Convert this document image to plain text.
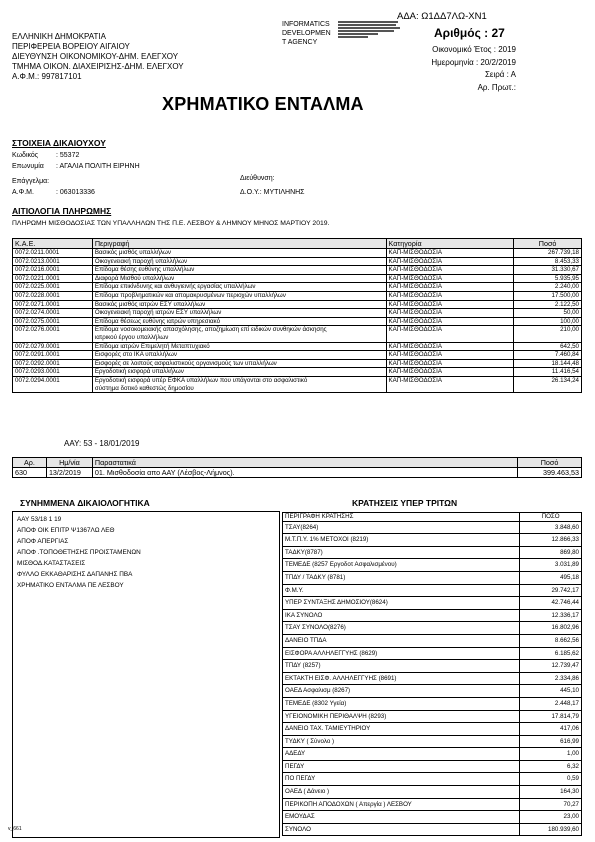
ΕΛΛΗΝΙΚΗ ΔΗΜΟΚΡΑΤΙΑ
ΠΕΡΙΦΕΡΕΙΑ ΒΟΡΕΙΟΥ ΑΙΓΑΙΟΥ
ΔΙΕΥΘΥΝΣΗ ΟΙΚΟΝΟΜΙΚΟΥ-ΔΗΜ. ΕΛΕΓΧΟΥ
ΤΜΗΜΑ ΟΙΚΟΝ. ΔΙΑΧΕΙΡΙΣΗΣ-ΔΗΜ. ΕΛΕΓΧΟΥ
Α.Φ.Μ.: 997817101
INFORMATICS
DEVELOPMEN
T AGENCY
ΑΔΑ: Ω1ΔΔ7ΛΩ-ΧΝ1
Αριθμός : 27
Οικονομικό Έτος : 2019
Ημερομηνία : 20/2/2019
Σειρά : Α
Αρ. Πρωτ.:
ΧΡΗΜΑΤΙΚΟ ΕΝΤΑΛΜΑ
ΣΤΟΙΧΕΙΑ ΔΙΚΑΙΟΥΧΟΥ
Κωδικός	: 55372
Επωνυμία : ΑΓΑΛΙΑ ΠΟΛΙΤΗ ΕΙΡΗΝΗ
Επάγγελμα:	Διεύθυνση:
Α.Φ.Μ.	: 063013336	Δ.Ο.Υ.: ΜΥΤΙΛΗΝΗΣ
ΑΙΤΙΟΛΟΓΙΑ ΠΛΗΡΩΜΗΣ
ΠΛΗΡΩΜΗ ΜΙΣΘΟΔΟΣΙΑΣ ΤΩΝ ΥΠΑΛΛΗΛΩΝ ΤΗΣ Π.Ε. ΛΕΣΒΟΥ & ΛΗΜΝΟΥ ΜΗΝΟΣ ΜΑΡΤΙΟΥ 2019.
Κ.Α.Ε.	Περιγραφή	Κατηγορία	Ποσό
0072.0211.0001	Βασικός μισθός υπαλλήλων	ΚΑΠ-ΜΙΣΘΟΔΟΣΙΑ	267.739,18
0072.0213.0001	Οικογενειακή παροχή υπαλλήλων	ΚΑΠ-ΜΙΣΘΟΔΟΣΙΑ	8.453,33
0072.0216.0001	Επίδομα θέσης ευθύνης υπαλλήλων	ΚΑΠ-ΜΙΣΘΟΔΟΣΙΑ	31.330,67
0072.0221.0001	Διαφορά Μισθού υπαλλήλων	ΚΑΠ-ΜΙΣΘΟΔΟΣΙΑ	5.935,95
0072.0225.0001	Επίδομα επικίνδυνης και ανθυγιεινής εργασίας υπαλλήλων	ΚΑΠ-ΜΙΣΘΟΔΟΣΙΑ	2.240,00
0072.0228.0001	Επίδομα προβληματικών και απομακρυσμένων περιοχών υπαλλήλων	ΚΑΠ-ΜΙΣΘΟΔΟΣΙΑ	17.500,00
0072.0271.0001	Βασικός μισθός ιατρών ΕΣΥ υπαλλήλων	ΚΑΠ-ΜΙΣΘΟΔΟΣΙΑ	2.122,50
0072.0274.0001	Οικογενειακή παροχή ιατρών ΕΣΥ υπαλλήλων	ΚΑΠ-ΜΙΣΘΟΔΟΣΙΑ	50,00
0072.0275.0001	Επίδομα θέσεως ευθύνης ιατρών υπηρεσιακό	ΚΑΠ-ΜΙΣΘΟΔΟΣΙΑ	100,00
0072.0276.0001	Επίδομα νοσοκομειακής απασχόλησης, αποζημίωση επί ειδικών συνθηκών άσκησης
ιατρικού έργου υπαλλήλων	ΚΑΠ-ΜΙΣΘΟΔΟΣΙΑ	210,00
0072.0279.0001	Επίδομα ιατρών Επιμελητή Μεταπτυχιακό	ΚΑΠ-ΜΙΣΘΟΔΟΣΙΑ	642,50
0072.0291.0001	Εισφορές στο ΙΚΑ υπαλλήλων	ΚΑΠ-ΜΙΣΘΟΔΟΣΙΑ	7.460,84
0072.0292.0001	Εισφορές σε λοιπούς ασφαλιστικούς οργανισμούς των υπαλλήλων	ΚΑΠ-ΜΙΣΘΟΔΟΣΙΑ	18.144,48
0072.0293.0001	Εργοδοτική εισφορά υπαλλήλων	ΚΑΠ-ΜΙΣΘΟΔΟΣΙΑ	11.416,54
0072.0294.0001	Εργοδοτική εισφορά υπέρ ΕΦΚΑ υπαλλήλων που υπάγονται στο ασφαλιστικό
σύστημα δοτικό καθεστώς δημοσίου	ΚΑΠ-ΜΙΣΘΟΔΟΣΙΑ	26.134,24
ΑΑΥ: 53 - 18/01/2019
Αρ.	Ημ/νία	Παραστατικά	Ποσό
630	13/2/2019	01. Μισθοδοσία απο ΑΑΥ (Λέσβος-Λήμνος).	399.463,53
ΣΥΝΗΜΜΕΝΑ ΔΙΚΑΙΟΛΟΓΗΤΙΚΑ
ΑΑΥ 53/18 1 19
ΑΠΟΦ ΟΙΚ ΕΠΙΤΡ Ψ1367ΛΩ ΛΕΘ
ΑΠΟΦ ΑΠΕΡΓΙΑΣ
ΑΠΟΦ .ΤΟΠΟΘΕΤΗΣΗΣ ΠΡΟΙΣΤΑΜΕΝΩΝ
ΜΙΣΘΟΔ.ΚΑΤΑΣΤΑΣΕΙΣ
ΦΥΛΛΟ ΕΚΚΑΘΑΡΙΣΗΣ ΔΑΠΑΝΗΣ ΠΒΑ
ΧΡΗΜΑΤΙΚΟ ΕΝΤΑΛΜΑ ΠΕ ΛΕΣΒΟΥ
ΚΡΑΤΗΣΕΙΣ ΥΠΕΡ ΤΡΙΤΩΝ
ΠΕΡΙΓΡΑΦΗ ΚΡΑΤΗΣΗΣ	ΠΟΣΟ
ΤΣΑΥ(8264)	3.848,60
Μ.Τ.Π.Υ. 1% ΜΕΤΟΧΟΙ (8219)	12.866,33
ΤΑΔΚΥ(8787)	869,80
ΤΕΜΕΔΕ (8257 Εργοδοτ Ασφαλισμένου)	3.031,89
ΤΠΔΥ / ΤΑΔΚΥ (8781)	495,18
Φ.Μ.Υ.	29.742,17
ΥΠΕΡ ΣΥΝΤΑΞΗΣ ΔΗΜΟΣΙΟΥ(8624)	42.746,44
ΙΚΑ ΣΥΝΟΛΟ	12.336,17
ΤΣΑΥ ΣΥΝΟΛΟ(8276)	16.802,96
ΔΑΝΕΙΟ ΤΠΔΑ	8.662,56
ΕΙΣΦΟΡΑ ΑΛΛΗΛΕΓΓΥΗΣ (8629)	6.185,62
ΤΠΔΥ (8257)	12.739,47
ΕΚΤΑΚΤΗ ΕΙΣΦ. ΑΛΛΗΛΕΓΓΥΗΣ (8691)	2.334,86
ΟΑΕΔ Ασφαλισμ (8267)	445,10
ΤΕΜΕΔΕ (8302 Υγεία)	2.448,17
ΥΓΕΙΟΝΟΜΙΚΗ ΠΕΡΙΘΑΛΨΗ (8293)	17.814,79
ΔΑΝΕΙΟ ΤΑΧ. ΤΑΜΙΕΥΤΗΡΙΟΥ	417,06
ΤΥΔΚΥ ( Σύνολο )	616,99
ΑΔΕΔΥ	1,00
ΠΕΓΔΥ	6,32
ΠΟ ΠΕΓΔΥ	0,59
ΟΑΕΔ ( Δάνειο )	164,30
ΠΕΡΙΚΟΠΗ ΑΠΟΔΟΧΩΝ ( Απεργία ) ΛΕΣΒΟΥ	70,27
ΕΜΟΥΔΑΣ	23,00
ΣΥΝΟΛΟ	180.939,60
v_661
